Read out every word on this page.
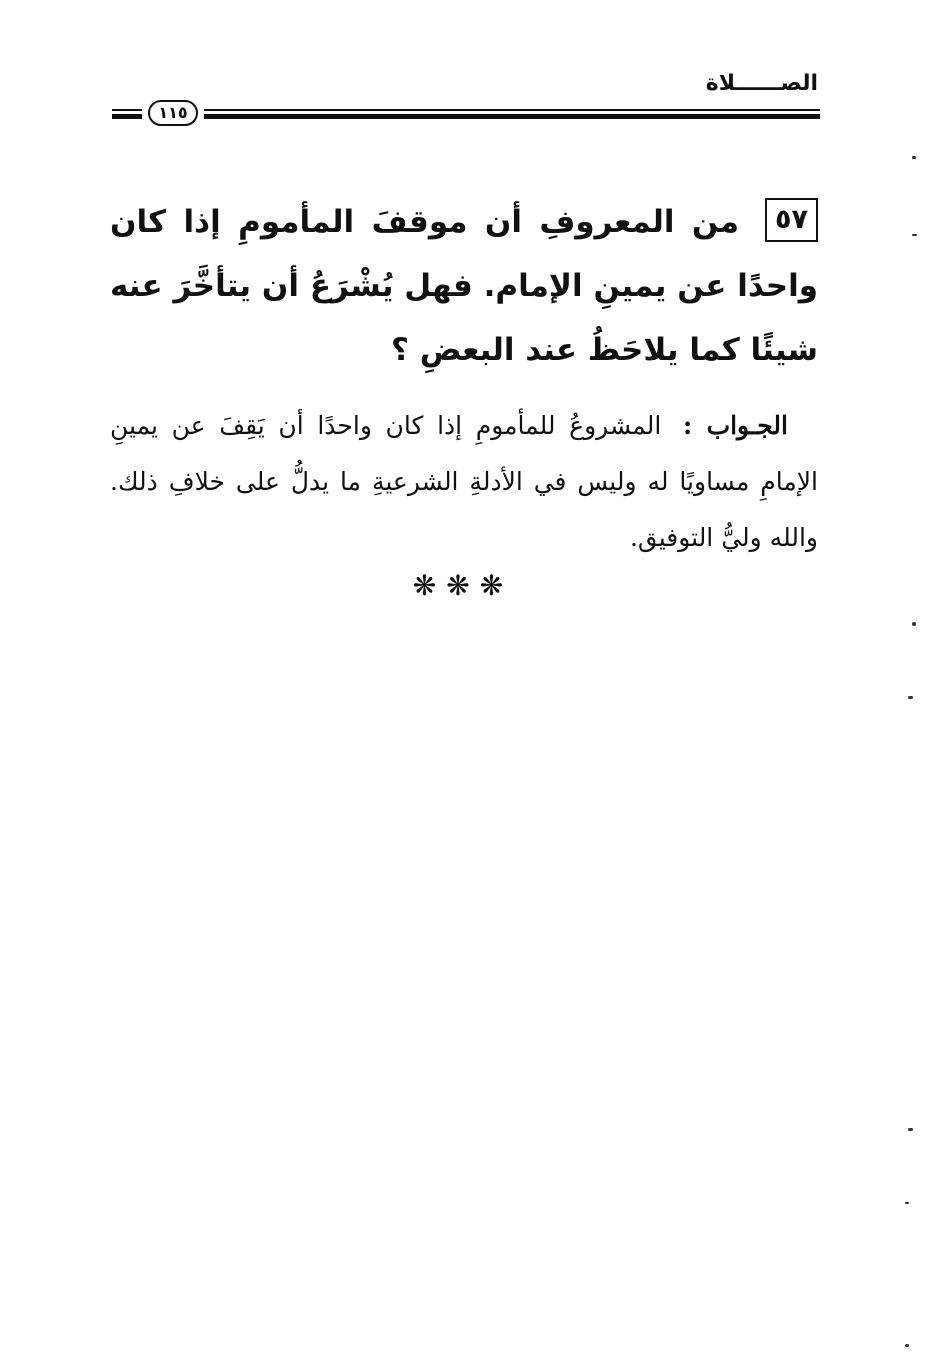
الصــــــلاة
١١٥
٥٧من المعروفِ أن موقفَ المأمومِ إذا كان واحدًا عن يمينِ الإمام. فهل يُشْرَعُ أن يتأخَّرَ عنه شيئًا كما يلاحَظُ عند البعضِ ؟
الجـواب : المشروعُ للمأمومِ إذا كان واحدًا أن يَقِفَ عن يمينِ الإمامِ مساويًا له وليس في الأدلةِ الشرعيةِ ما يدلُّ على خلافِ ذلك. والله وليُّ التوفيق.
❋❋❋
